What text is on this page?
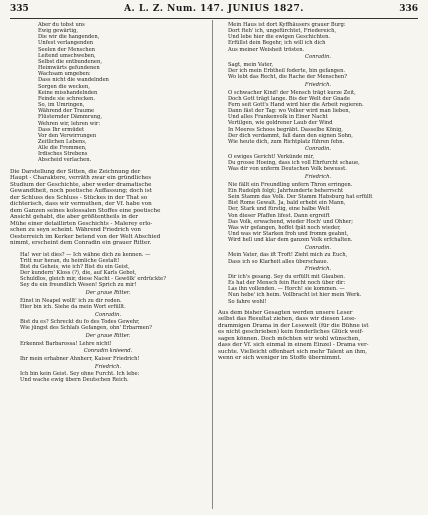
335	A. L. Z. Num. 147. JUNIUS 1827.	336
Aber du tobst uns
Ewig gewärtig,
Die wir die hangenden,
Unfest verlangenden
Seelen der Menschen
Leitend umschweben,
Selbst die entbundenen,
Heimwärts gefundenen
Wachsam umgeben:
Dass nicht die wandelnden
Sorgen die wecken,
Keine misshandelnden
Feinde sie schrecken.
So, im Umringen,
Während der Traume
Flüsternder Dämmrung,
Wehren wir, lehren wir:
Dass Ihr ermüdet
Vor den Verwirrungen
Zeitlichen Lebens,
Alle die Frommen,
Irdisches Strebens
Abscheid verlachen.
Die Darstellung der Sitten, die Zeichnung der
Haupt - Charaktere, verräth zwar ein gründliches
Studium der Geschichte, aber weder dramatische
Gewandtheit, noch poetische Auffassung; doch ist
der Schluss des Schluss - Stückes in der That so
dichterisch, dass wir vermuthen, der Vf. habe von
dem Ganzen seines kolossalen Stoffes eine poetische
Ansicht gehabt, die aber größtentheils in der
Mühe einer detaillirten Geschichts - Malerey erlo-
schen zu seyn scheint. Während Friedrich von
Oesterreich im Kerker betend von der Welt Abschied
nimmt, erscheint dem Conradin ein grauer Ritter.
Ha! wer ist dies? — Ich wähne dich zu kennen. —
Tritt nur heran, du heimliche Gestalt!
Bist du Geheis, wie ich? Bist du ein Geist,
Der kundern' Kloss (?), die, auf Karls Gebot,
Schuldlos, gleich mir, diese Nacht - Gewölk' erdrückte?
Sey du ein freundlich Wesen! Sprich zu mir!
Der graue Ritter.
Einst in Neapel wollt' ich zu dir reden.
Hier bin ich. Siehe da mein Wort erfüllt.
Conradin.
Bist du es? Schreckt du fo des Todes Gewehr,
Wie jüngst des Schlafs Gefangen, ohn' Erbarmen?
Der graue Ritter.
Erkennst Barbarossa! Lehre nicht!
Conradin knieend.
Ihr mein erhabner Ahnherr, Kaiser Friedrich!
Friedrich.
Ich bin kein Geist. Sey ohne Furcht. Ich lebe:
Und wache ewig übern Deutschen Reich.
Mein Haus ist dort Kyffhäusers grauer Burg:
Dort fteh' ich, ungefürchtet, Friedereich,
Und lebe hier die ewigen Geschichten.
Erfüllst dein Begehr, ich will ich dich
Aus meiner Weisheit trösten.
Conradin.
Sagt, mein Vater,
Der ich mein Erbtheil foderte, bin gefangen.
Wo lebt das Recht, die Rache der Menschen?
Friedrich.
O schwacher Kind! der Mensch trägt kurze Zeit,
Doch Gott trägt lange. Bis der Welt der Gnade
Fern seit Gott's Hand wird hier die Arbeit regieren.
Dann fäst der Tag: wo Volker wird man lieben,
Und alles Frankenvolk in Einer Nacht
Vertilgen, wie goldrener Laub der Wind
In Meeres Schoos begräbt. Dasselbe König,
Der dich verdammt, fall dann den eignen Sohn,
Wie heute dich, zum Richtplatz führen fehn.
Conradin.
O ewiges Gericht! Verkünde mir,
Du grosse Hoeing, dass ich voll Ehrfurcht schaue,
Was dir von unferm Deutschen Volk bewusst.
Friedrich.
Nie fällt ein Freundling unfern Thron erringen.
Ein Rudolph folgt; Jahrhunderte beherrscht
Sein Stamm das Volk. Der Stamm Habsburg hat erfüllt
Bist Rome Gewalt. Ja, bald erhebt ein Mann,
Der, Stark und fürstig, eine halbe Welt
Von dieser Pfaffen lifest. Dann ergreift
Das Volk, erwachend, wieder Hoch' und Ohher;
Was wir gefangen, hoffet fpät noch wieder,
Und was wir Starken froh und fromm geahnt,
Wird hell und klar dem ganzen Volk erfchalten.
Conradin.
Mein Vater, das ift Troft! Zieht mich zu Euch,
Dass ich so Klarheit alles überschaue.
Friedrich.
Dir ich's gesang. Sey du erfüllt mit Glauben.
Es hat der Mensch fein Recht noch über dir:
Las ihn vollenden. — Horch! sie kommen. —
Nun hebe' ich heim. Vollbracht ist hier mein Werk.
So fahre wohl!
Aus dem bisher Gesagten werden unsere Leser
selbst das Resultat ziehen, dass wir diesen Lese-
drammigen Drama in der Lesewelt (für die Bühne ist
es nicht geschrieben) kein fonderliches Glück weif-
sagen können. Doch möchten wir wohl wünschen,
dass der Vf. sich einmal in einem Einzel - Drama ver-
suchte. Vielleicht offenbart sich mehr Talent an ihm,
wenn er sich weniger im Stoffe übernimmt.
